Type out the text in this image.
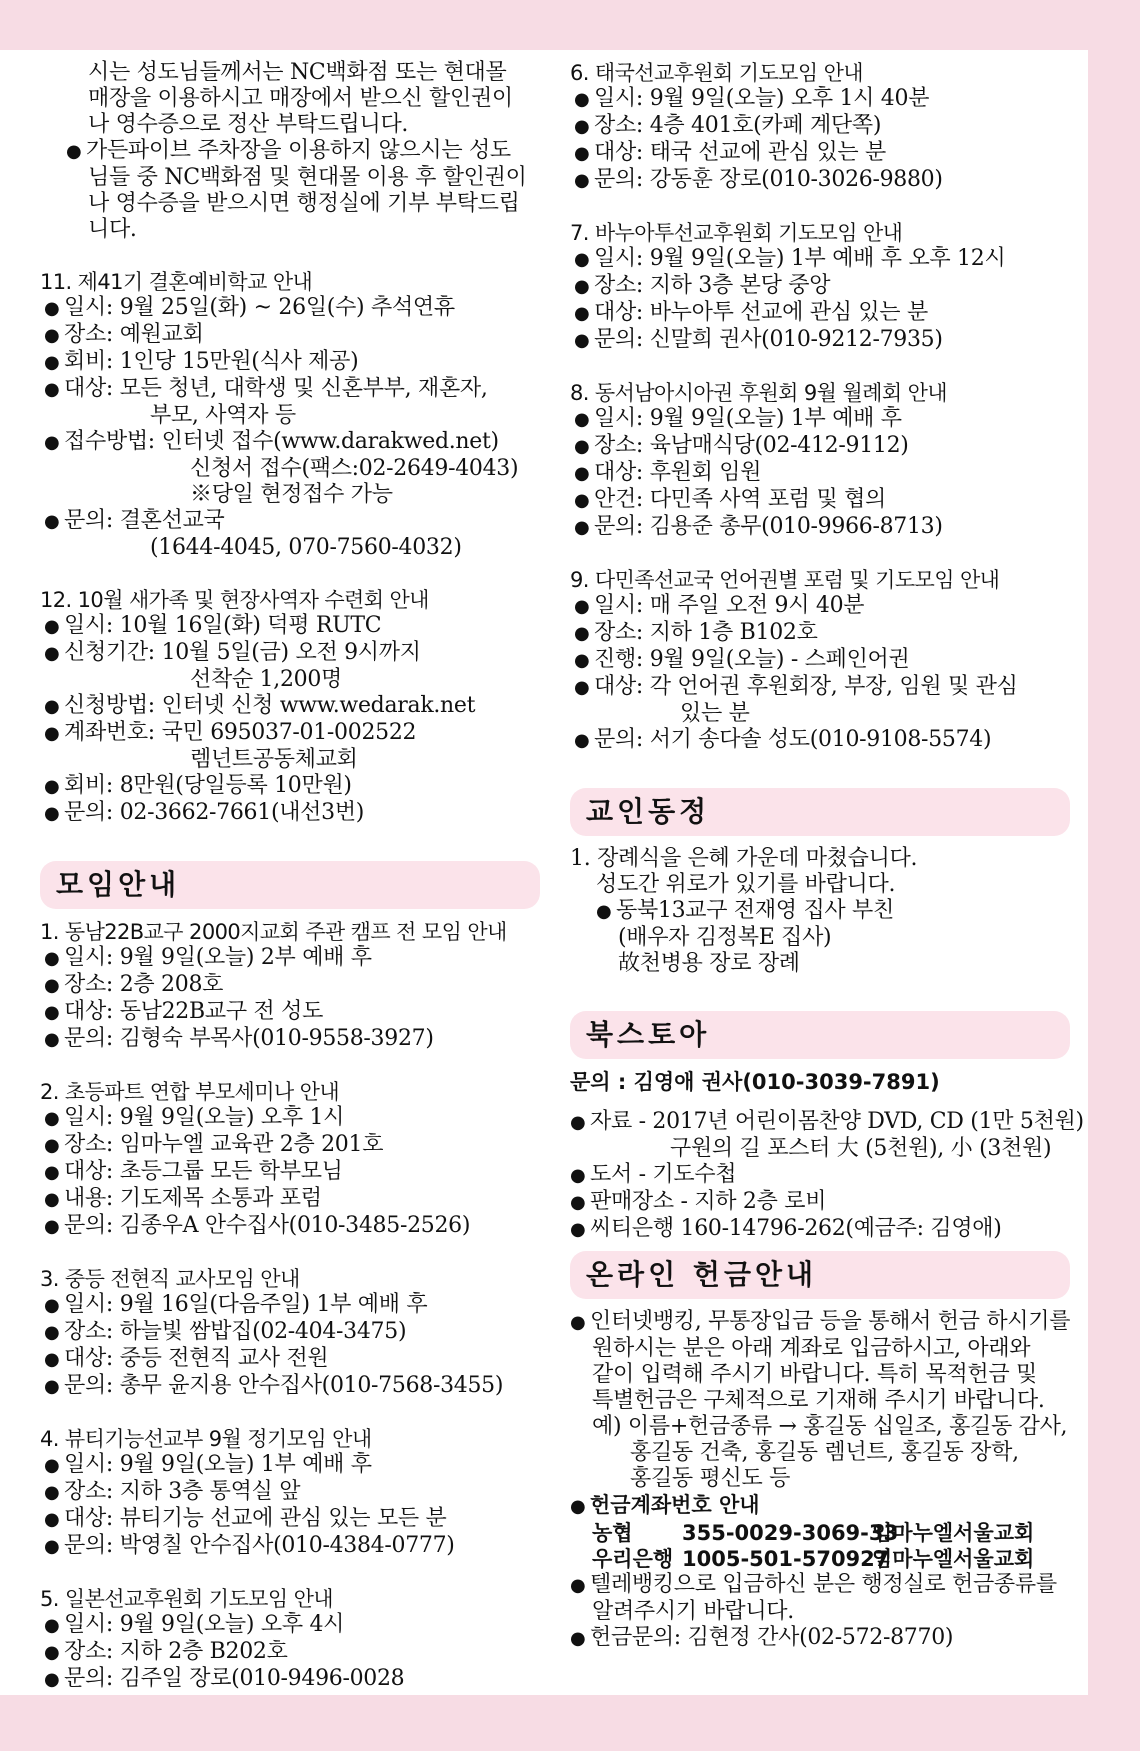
시는 성도님들께서는 NC백화점 또는 현대몰
매장을 이용하시고 매장에서 받으신 할인권이
나 영수증으로 정산 부탁드립니다.
● 가든파이브 주차장을 이용하지 않으시는 성도
님들 중 NC백화점 및 현대몰 이용 후 할인권이
나 영수증을 받으시면 행정실에 기부 부탁드립
니다.
11. 제41기 결혼예비학교 안내
● 일시: 9월 25일(화) ~ 26일(수) 추석연휴
● 장소: 예원교회
● 회비: 1인당 15만원(식사 제공)
● 대상: 모든 청년, 대학생 및 신혼부부, 재혼자,
부모, 사역자 등
● 접수방법: 인터넷 접수(www.darakwed.net)
신청서 접수(팩스:02-2649-4043)
※당일 현정접수 가능
● 문의: 결혼선교국
(1644-4045, 070-7560-4032)
12. 10월 새가족 및 현장사역자 수련회 안내
● 일시: 10월 16일(화) 덕평 RUTC
● 신청기간: 10월 5일(금) 오전 9시까지
선착순 1,200명
● 신청방법: 인터넷 신청 www.wedarak.net
● 계좌번호: 국민 695037-01-002522
렘넌트공동체교회
● 회비: 8만원(당일등록 10만원)
● 문의: 02-3662-7661(내선3번)
모임안내
1. 동남22B교구 2000지교회 주관 캠프 전 모임 안내
● 일시: 9월 9일(오늘) 2부 예배 후
● 장소: 2층 208호
● 대상: 동남22B교구 전 성도
● 문의: 김형숙 부목사(010-9558-3927)
2. 초등파트 연합 부모세미나 안내
● 일시: 9월 9일(오늘) 오후 1시
● 장소: 임마누엘 교육관 2층 201호
● 대상: 초등그룹 모든 학부모님
● 내용: 기도제목 소통과 포럼
● 문의: 김종우A 안수집사(010-3485-2526)
3. 중등 전현직 교사모임 안내
● 일시: 9월 16일(다음주일) 1부 예배 후
● 장소: 하늘빛 쌈밥집(02-404-3475)
● 대상: 중등 전현직 교사 전원
● 문의: 총무 윤지용 안수집사(010-7568-3455)
4. 뷰티기능선교부 9월 정기모임 안내
● 일시: 9월 9일(오늘) 1부 예배 후
● 장소: 지하 3층 통역실 앞
● 대상: 뷰티기능 선교에 관심 있는 모든 분
● 문의: 박영칠 안수집사(010-4384-0777)
5. 일본선교후원회 기도모임 안내
● 일시: 9월 9일(오늘) 오후 4시
● 장소: 지하 2층 B202호
● 문의: 김주일 장로(010-9496-0028
6. 태국선교후원회 기도모임 안내
● 일시: 9월 9일(오늘) 오후 1시 40분
● 장소: 4층 401호(카페 계단쪽)
● 대상: 태국 선교에 관심 있는 분
● 문의: 강동훈 장로(010-3026-9880)
7. 바누아투선교후원회 기도모임 안내
● 일시: 9월 9일(오늘) 1부 예배 후 오후 12시
● 장소: 지하 3층 본당 중앙
● 대상: 바누아투 선교에 관심 있는 분
● 문의: 신말희 권사(010-9212-7935)
8. 동서남아시아권 후원회 9월 월례회 안내
● 일시: 9월 9일(오늘) 1부 예배 후
● 장소: 육남매식당(02-412-9112)
● 대상: 후원회 임원
● 안건: 다민족 사역 포럼 및 협의
● 문의: 김용준 총무(010-9966-8713)
9. 다민족선교국 언어권별 포럼 및 기도모임 안내
● 일시: 매 주일 오전 9시 40분
● 장소: 지하 1층 B102호
● 진행: 9월 9일(오늘) - 스페인어권
● 대상: 각 언어권 후원회장, 부장, 임원 및 관심
있는 분
● 문의: 서기 송다솔 성도(010-9108-5574)
교인동정
1. 장례식을 은혜 가운데 마쳤습니다.
성도간 위로가 있기를 바랍니다.
● 동북13교구 전재영 집사 부친
(배우자 김정복E 집사)
故천병용 장로 장례
북스토아
문의 : 김영애 권사(010-3039-7891)
● 자료 - 2017년 어린이몸찬양 DVD, CD (1만 5천원)
구원의 길 포스터 大 (5천원), 小 (3천원)
● 도서 - 기도수첩
● 판매장소 - 지하 2층 로비
● 씨티은행 160-14796-262(예금주: 김영애)
온라인 헌금안내
● 인터넷뱅킹, 무통장입금 등을 통해서 헌금 하시기를
원하시는 분은 아래 계좌로 입금하시고, 아래와
같이 입력해 주시기 바랍니다. 특히 목적헌금 및
특별헌금은 구체적으로 기재해 주시기 바랍니다.
예) 이름+헌금종류 → 홍길동 십일조, 홍길동 감사,
홍길동 건축, 홍길동 렘넌트, 홍길동 장학,
홍길동 평신도 등
● 헌금계좌번호 안내
농협 355-0029-3069-33임마누엘서울교회
우리은행 1005-501-570927임마누엘서울교회
● 텔레뱅킹으로 입금하신 분은 행정실로 헌금종류를
알려주시기 바랍니다.
● 헌금문의: 김현정 간사(02-572-8770)
